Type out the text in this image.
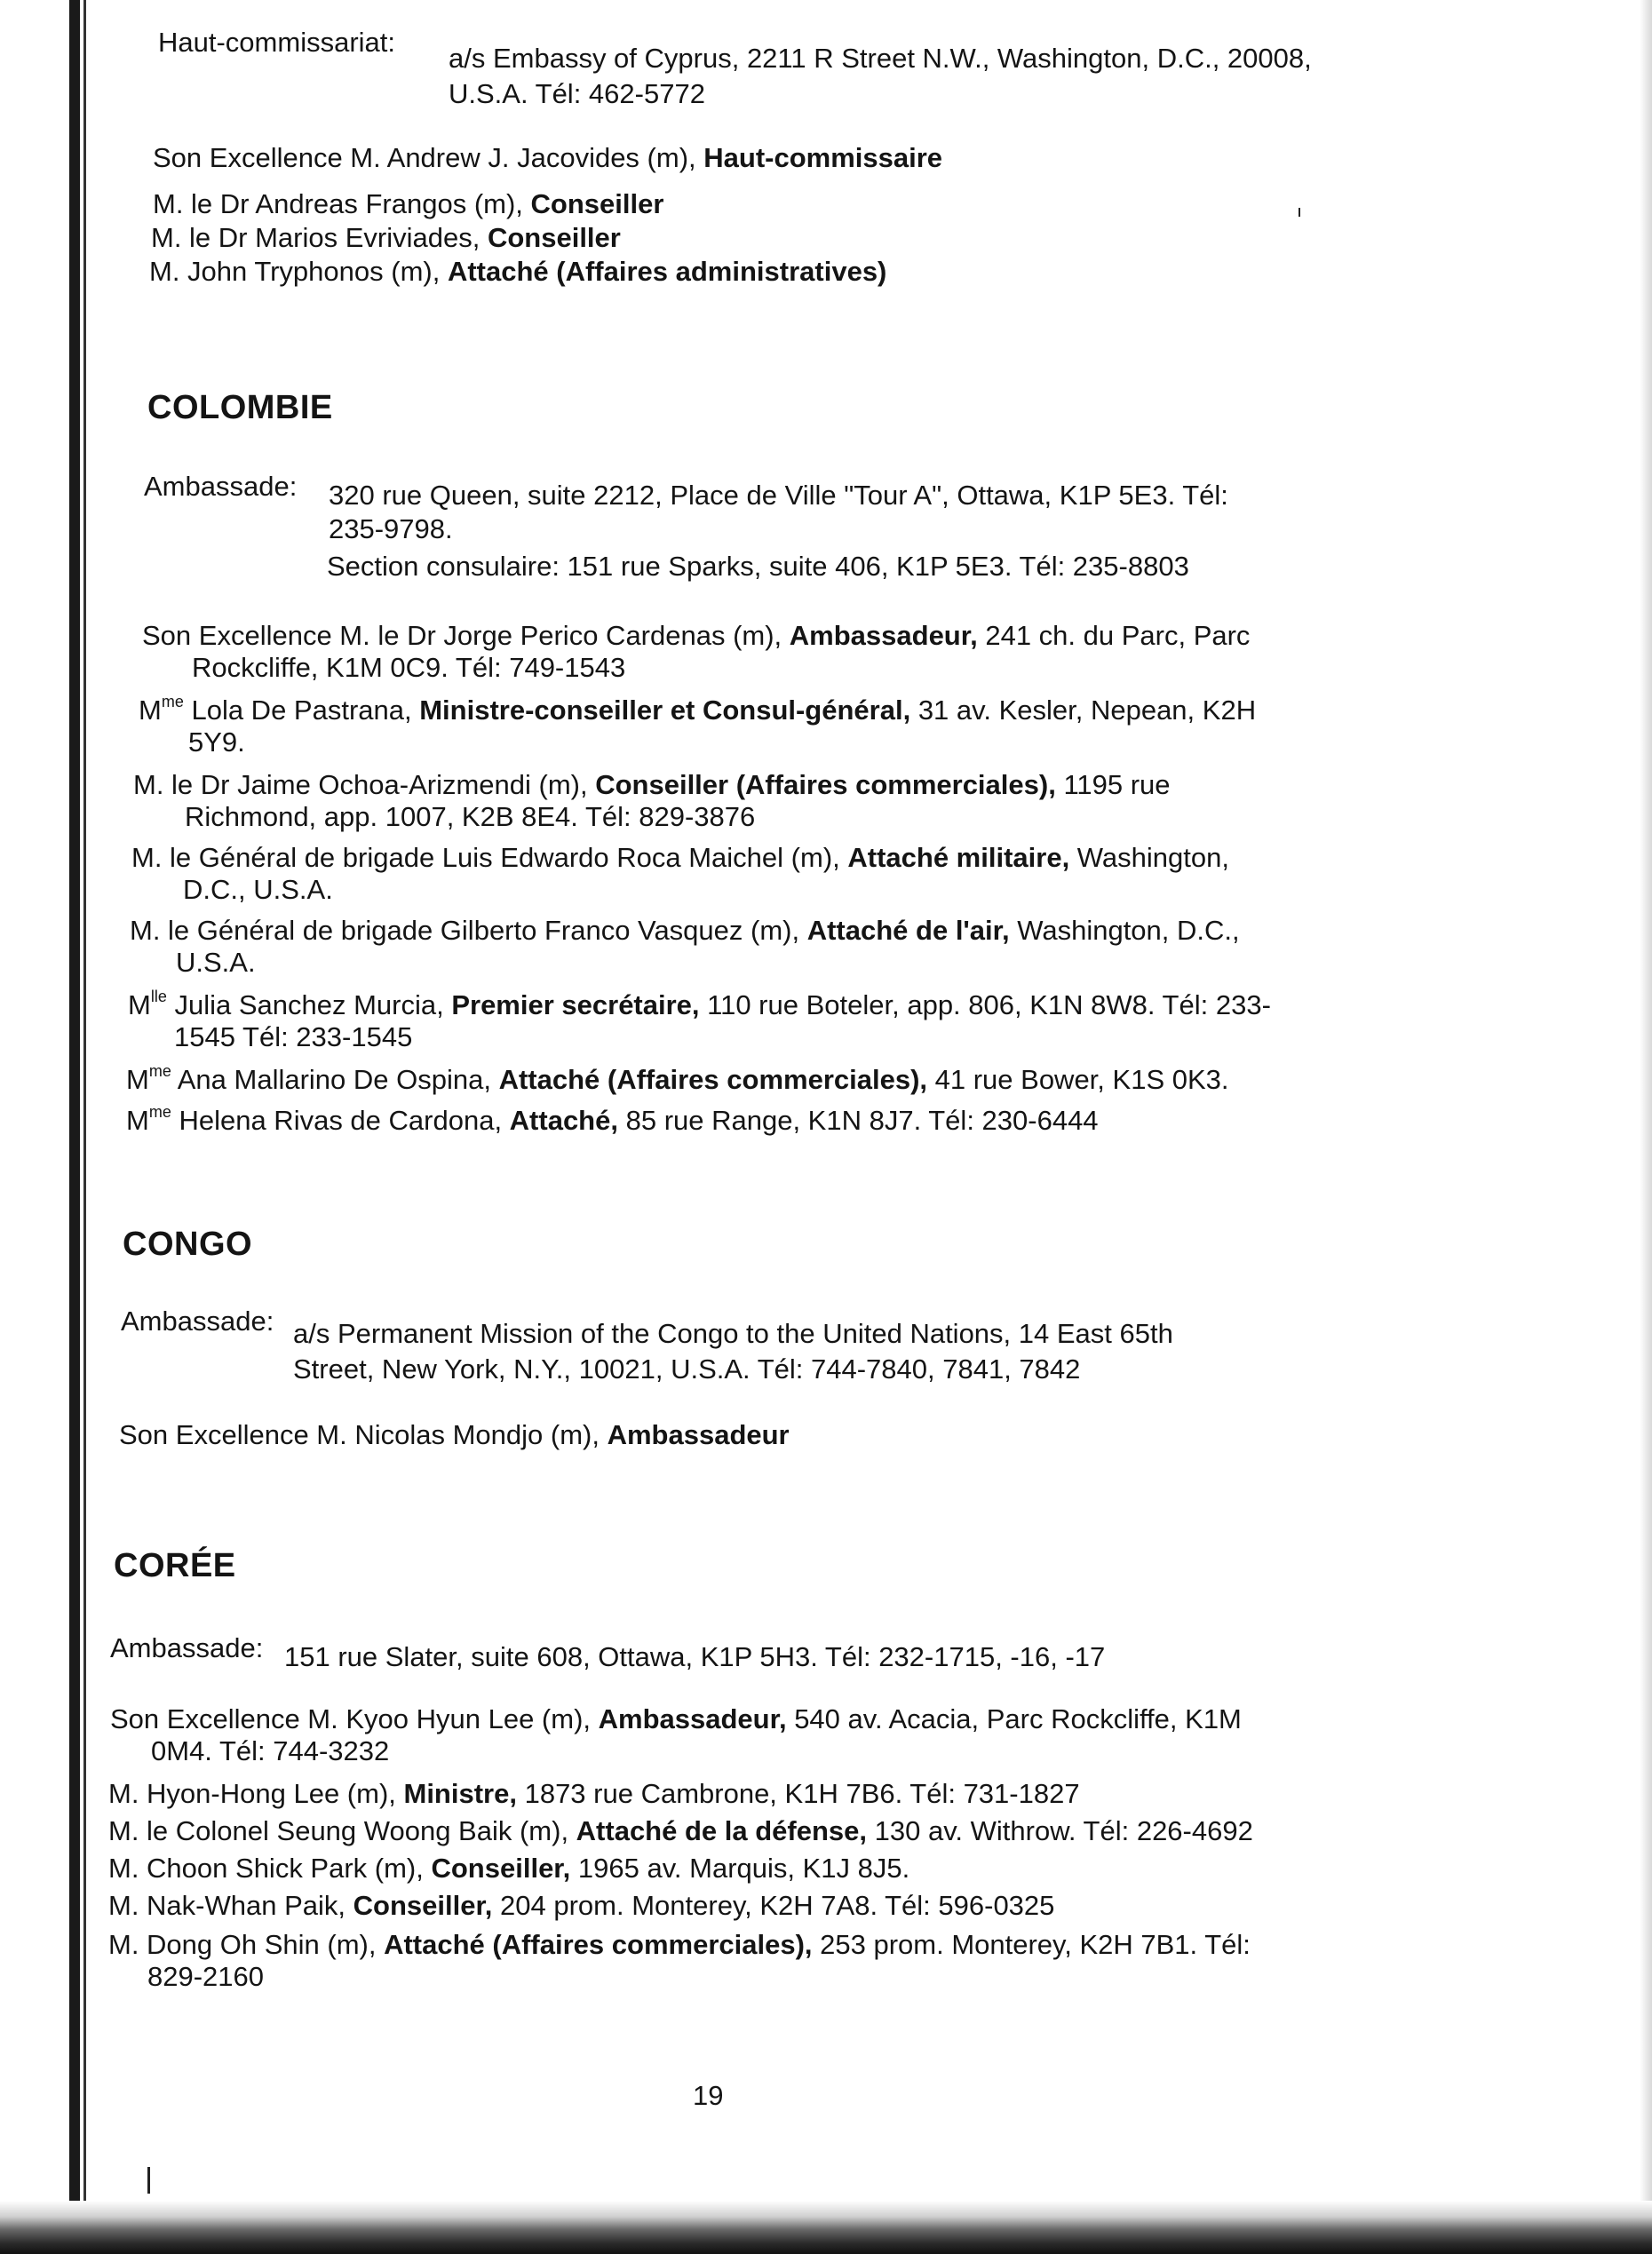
Haut-commissariat:
a/s Embassy of Cyprus, 2211 R Street N.W., Washington, D.C., 20008,
U.S.A. Tél: 462-5772
Son Excellence M. Andrew J. Jacovides (m), Haut-commissaire
M. le Dr Andreas Frangos (m), Conseiller
M. le Dr Marios Evriviades, Conseiller
M. John Tryphonos (m), Attaché (Affaires administratives)
COLOMBIE
Ambassade: 320 rue Queen, suite 2212, Place de Ville "Tour A", Ottawa, K1P 5E3. Tél:
235-9798.
Section consulaire: 151 rue Sparks, suite 406, K1P 5E3. Tél: 235-8803
Son Excellence M. le Dr Jorge Perico Cardenas (m), Ambassadeur, 241 ch. du Parc, Parc
Rockcliffe, K1M 0C9. Tél: 749-1543
$M^{me}$ Lola De Pastrana, Ministre-conseiller et Consul-général, 31 av. Kesler, Nepean, K2H
5Y9.
M. le Dr Jaime Ochoa-Arizmendi (m), Conseiller (Affaires commerciales), 1195 rue
Richmond, app. 1007, K2B 8E4. Tél: 829-3876
M. le Général de brigade Luis Edwardo Roca Maichel (m), Attaché militaire, Washington,
D.C., U.S.A.
M. le Général de brigade Gilberto Franco Vasquez (m), Attaché de l'air, Washington, D.C.,
U.S.A.
$M^{lle}$ Julia Sanchez Murcia, Premier secrétaire, 110 rue Boteler, app. 806, K1N 8W8. Tél: 233-
1545 Tél: 233-1545
$M^{me}$ Ana Mallarino De Ospina, Attaché (Affaires commerciales), 41 rue Bower, K1S 0K3.
$M^{me}$ Helena Rivas de Cardona, Attaché, 85 rue Range, K1N 8J7. Tél: 230-6444
CONGO
Ambassade: a/s Permanent Mission of the Congo to the United Nations, 14 East 65th
Street, New York, N.Y., 10021, U.S.A. Tél: 744-7840, 7841, 7842
Son Excellence M. Nicolas Mondjo (m), Ambassadeur
CORÉE
Ambassade: 151 rue Slater, suite 608, Ottawa, K1P 5H3. Tél: 232-1715, -16, -17
Son Excellence M. Kyoo Hyun Lee (m), Ambassadeur, 540 av. Acacia, Parc Rockcliffe, K1M
0M4. Tél: 744-3232
M. Hyon-Hong Lee (m), Ministre, 1873 rue Cambrone, K1H 7B6. Tél: 731-1827
M. le Colonel Seung Woong Baik (m), Attaché de la défense, 130 av. Withrow. Tél: 226-4692
M. Choon Shick Park (m), Conseiller, 1965 av. Marquis, K1J 8J5.
M. Nak-Whan Paik, Conseiller, 204 prom. Monterey, K2H 7A8. Tél: 596-0325
M. Dong Oh Shin (m), Attaché (Affaires commerciales), 253 prom. Monterey, K2H 7B1. Tél:
829-2160
19
